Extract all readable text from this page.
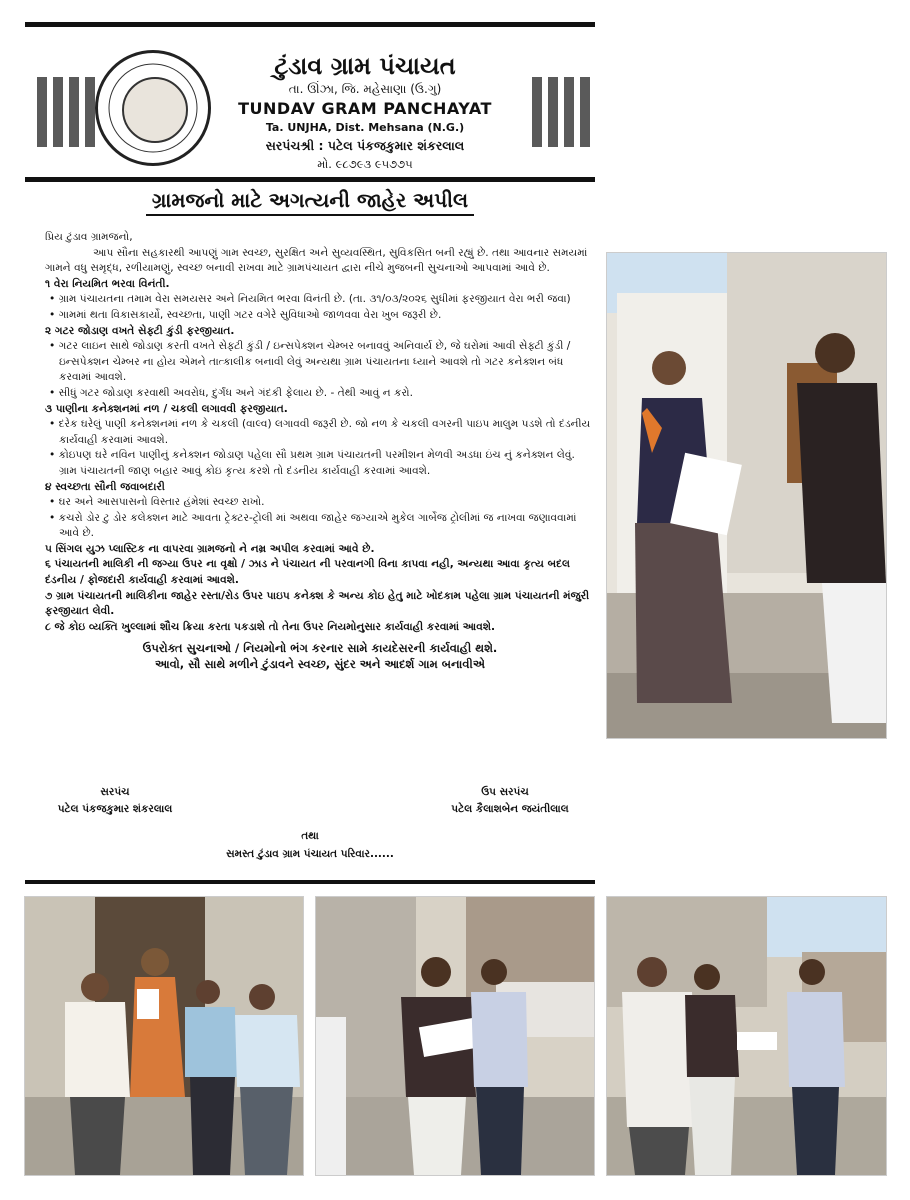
ટુંડાવ ગ્રામ પંચાયત
તા. ઊંઝા, જિ. મહેસાણા (ઉ.ગુ)
TUNDAV GRAM PANCHAYAT
Ta. UNJHA, Dist. Mehsana (N.G.)
સરપંચશ્રી : પટેલ પંકજકુમાર શંકરલાલ
મો. ૯૮૭૯૩ ૯૫૭૭૫
ગ્રામજનો માટે અગત્યની જાહેર અપીલ

પ્રિય ટુંડાવ ગ્રામજનો,

આપ સૌના સહકારથી આપણું ગામ સ્વચ્છ, સુરક્ષિત અને સુવ્યવસ્થિત, સુવિકસિત બની રહ્યું છે. તથા આવનાર સમયમાં ગામને વધુ સમૃદ્ધ, રળીયામણું, સ્વચ્છ બનાવી રાખવા માટે ગ્રામપંચાયત દ્વારા નીચે મુજબની સુચનાઓ આપવામાં આવે છે.

૧ વેરા નિયમિત ભરવા વિનંતી.

• ગ્રામ પંચાયતના તમામ વેરા સમયસર અને નિયમિત ભરવા વિનંતી છે. (તા. ૩૧/૦૩/૨૦૨૬ સુધીમાં ફરજીયાત વેરા ભરી જવા)

• ગામમાં થતા વિકાસકાર્યો, સ્વચ્છતા, પાણી ગટર વગેરે સુવિધાઓ જાળવવા વેરા ખુબ જરૂરી છે.

૨ ગટર જોડાણ વખતે સેફ્ટી કુંડી ફરજીયાત.

• ગટર લાઇન સાથે જોડાણ કરતી વખતે સેફ્ટી કુંડી / ઇન્સપેક્શન ચેમ્બર બનાવવું અનિવાર્ય છે, જે ઘરોમાં આવી સેફ્ટી કુંડી / ઇન્સપેક્શન ચેમ્બર ના હોય એમને તાત્કાલીક બનાવી લેવું અન્યથા ગ્રામ પંચાયતના ધ્યાને આવશે તો ગટર કનેક્શન બંધ કરવામાં આવશે.

• સીધું ગટર જોડાણ કરવાથી અવરોધ, દુર્ગંધ અને ગંદકી ફેલાય છે. - તેથી આવું ન કરો.

૩ પાણીના કનેક્શનમાં નળ / ચકલી લગાવવી ફરજીયાત.

• દરેક ઘરેલું પાણી કનેક્શનમાં નળ કે ચકલી (વાલ્વ) લગાવવી જરૂરી છે. જો નળ કે ચકલી વગરની પાઇપ માલુમ પડશે તો દંડનીય કાર્યવાહી કરવામાં આવશે.

• કોઇપણ ઘરે નવિન પાણીનું કનેક્શન જોડાણ પહેલા સૌ પ્રથમ ગ્રામ પંચાયતની પરમીશન મેળવી અડધા ઇંચ નું કનેક્શન લેવું. ગ્રામ પંચાયતની જાણ બહાર આવું કોઇ કૃત્ય કરશે તો દંડનીય કાર્યવાહી કરવામાં આવશે.

૪ સ્વચ્છતા સૌની જવાબદારી

• ઘર અને આસપાસનો વિસ્તાર હંમેશાં સ્વચ્છ રાખો.

• કચરો ડોર ટુ ડોર કલેક્શન માટે આવતા ટ્રેક્ટર-ટ્રોલી માં અથવા જાહેર જગ્યાએ મુકેલ ગાર્બેજ ટ્રોલીમાં જ નાખવા જણાવવામાં આવે છે.

૫ સિંગલ યુઝ પ્લાસ્ટિક ના વાપરવા ગ્રામજનો ને નમ્ર અપીલ કરવામાં આવે છે.

૬ પંચાયતની માલિકી ની જગ્યા ઉપર ના વૃક્ષો / ઝાડ ને પંચાયત ની પરવાનગી વિના કાપવા નહી, અન્યથા આવા કૃત્ય બદલ દંડનીય / ફોજદારી કાર્યવાહી કરવામાં આવશે.

૭ ગ્રામ પંચાયતની માલિકીના જાહેર રસ્તા/રોડ ઉપર પાઇપ કનેક્શ કે અન્ય કોઇ હેતુ માટે ખોદકામ પહેલા ગ્રામ પંચાયતની મંજુરી ફરજીયાત લેવી.

૮ જે કોઇ વ્યક્તિ ખુલ્લામાં શૌચ ક્રિયા કરતા પકડાશે તો તેના ઉપર નિયમોનુસાર કાર્યવાહી કરવામાં આવશે.

ઉપરોક્ત સુચનાઓ / નિયમોનો ભંગ કરનાર સામે કાયદેસરની કાર્યવાહી થશે.

આવો, સૌ સાથે મળીને ટુંડાવને સ્વચ્છ, સુંદર અને આદર્શ ગામ બનાવીએ

સરપંચ
પટેલ પંકજકુમાર શંકરલાલ
ઉપ સરપંચ
પટેલ કૈલાશબેન જયંતીલાલ
તથા
સમસ્ત ટુંડાવ ગ્રામ પંચાયત પરિવાર......
